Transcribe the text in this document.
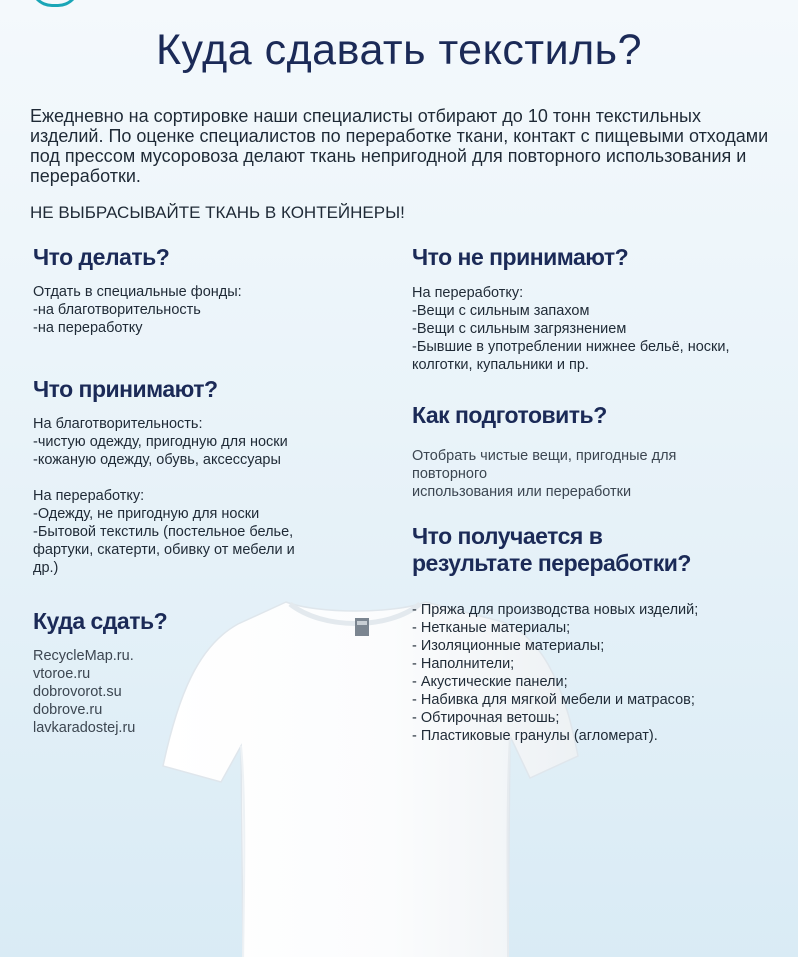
Куда сдавать текстиль?
Ежедневно на сортировке наши специалисты отбирают до 10 тонн текстильных изделий. По оценке специалистов по переработке ткани, контакт с пищевыми отходами под прессом мусоровоза делают ткань непригодной для повторного использования и переработки.
НЕ ВЫБРАСЫВАЙТЕ ТКАНЬ В КОНТЕЙНЕРЫ!
Что делать?
Отдать в специальные фонды:
-на благотворительность
-на переработку
Что принимают?
На благотворительность:
-чистую одежду, пригодную для носки
-кожаную одежду, обувь, аксессуары
На переработку:
-Одежду, не пригодную для носки
-Бытовой текстиль (постельное белье,
фартуки, скатерти, обивку от мебели и
др.)
Куда сдать?
RecycleMap.ru.
vtoroe.ru
dobrovorot.su
dobrove.ru
lavkaradostej.ru
Что не принимают?
На переработку:
-Вещи с сильным запахом
-Вещи с сильным загрязнением
-Бывшие в употреблении нижнее бельё, носки,
колготки, купальники и пр.
Как подготовить?
Отобрать чистые вещи, пригодные для
повторного
использования или переработки
Что получается в
результате переработки?
- Пряжа для производства новых изделий;
- Нетканые материалы;
- Изоляционные материалы;
- Наполнители;
- Акустические панели;
- Набивка для мягкой мебели и матрасов;
- Обтирочная ветошь;
- Пластиковые гранулы (агломерат).
